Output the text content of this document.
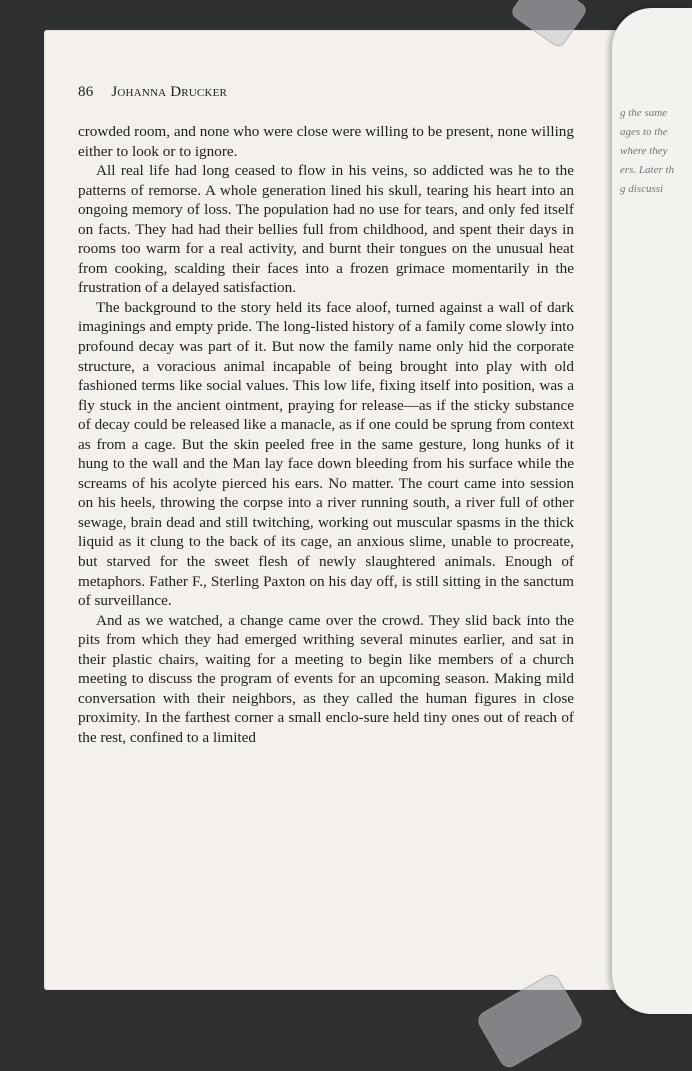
g the same
ages to the
where they
ers. Later th
g discussi
86 Johanna Drucker

crowded room, and none who were close were willing to be present, none willing either to look or to ignore.

All real life had long ceased to flow in his veins, so addicted was he to the patterns of remorse. A whole generation lined his skull, tearing his heart into an ongoing memory of loss. The population had no use for tears, and only fed itself on facts. They had had their bellies full from childhood, and spent their days in rooms too warm for a real activity, and burnt their tongues on the unusual heat from cooking, scalding their faces into a frozen grimace momentarily in the frustration of a delayed satisfaction.

The background to the story held its face aloof, turned against a wall of dark imaginings and empty pride. The long-listed history of a family come slowly into profound decay was part of it. But now the family name only hid the corporate structure, a voracious animal incapable of being brought into play with old fashioned terms like social values. This low life, fixing itself into position, was a fly stuck in the ancient ointment, praying for release—as if the sticky substance of decay could be released like a manacle, as if one could be sprung from context as from a cage. But the skin peeled free in the same gesture, long hunks of it hung to the wall and the Man lay face down bleeding from his surface while the screams of his acolyte pierced his ears. No matter. The court came into session on his heels, throwing the corpse into a river running south, a river full of other sewage, brain dead and still twitching, working out muscular spasms in the thick liquid as it clung to the back of its cage, an anxious slime, unable to procreate, but starved for the sweet flesh of newly slaughtered animals. Enough of metaphors. Father F., Sterling Paxton on his day off, is still sitting in the sanctum of surveillance.

And as we watched, a change came over the crowd. They slid back into the pits from which they had emerged writhing several minutes earlier, and sat in their plastic chairs, waiting for a meeting to begin like members of a church meeting to discuss the program of events for an upcoming season. Making mild conversation with their neighbors, as they called the human figures in close proximity. In the farthest corner a small enclo-sure held tiny ones out of reach of the rest, confined to a limited
